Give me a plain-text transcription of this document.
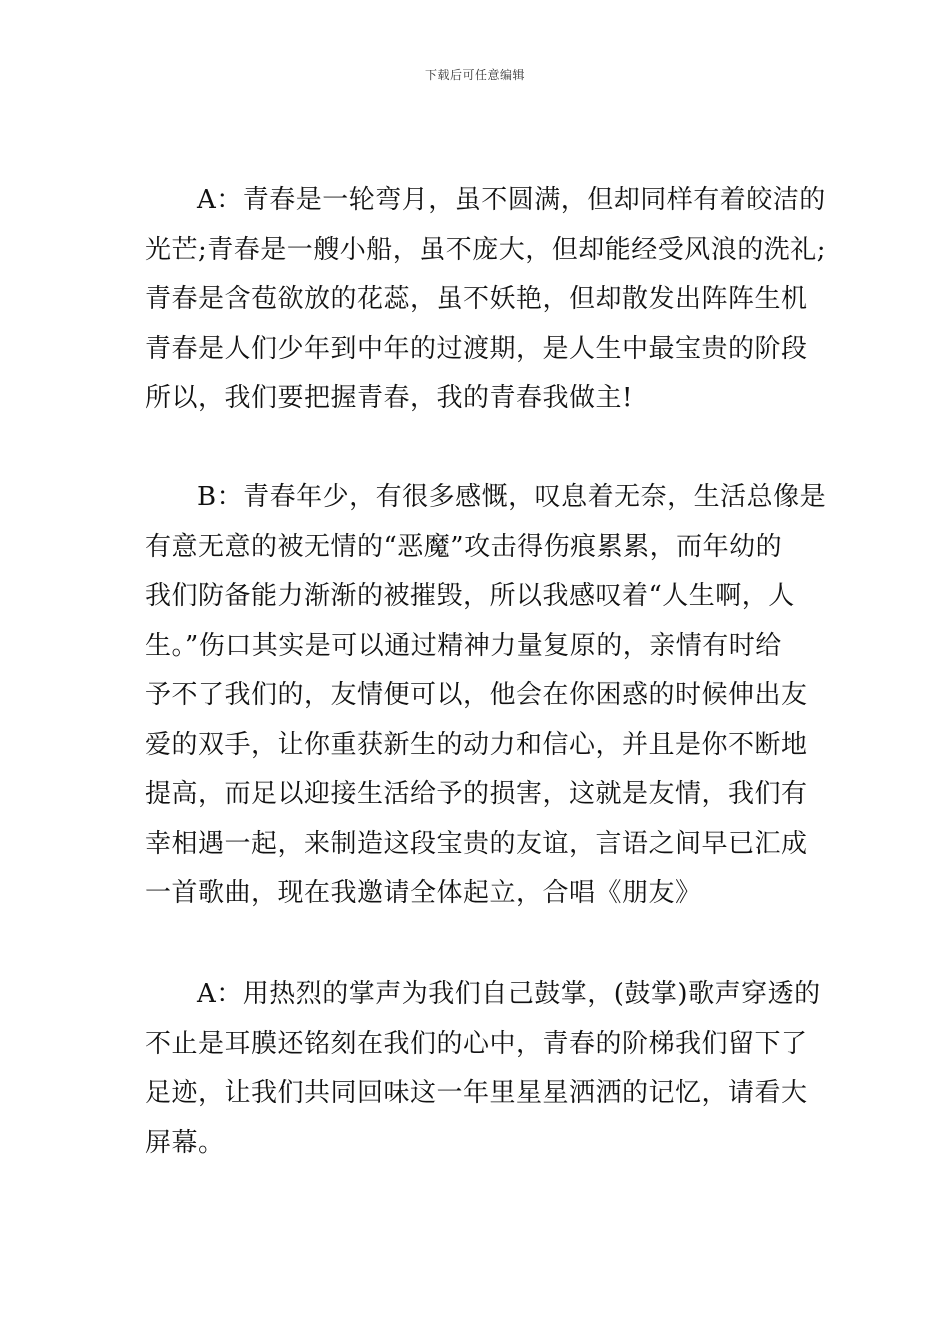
下载后可任意编辑
A：青春是一轮弯月，虽不圆满，但却同样有着皎洁的
光芒;青春是一艘小船，虽不庞大，但却能经受风浪的洗礼;
青春是含苞欲放的花蕊，虽不妖艳，但却散发出阵阵生机
青春是人们少年到中年的过渡期，是人生中最宝贵的阶段
所以，我们要把握青春，我的青春我做主!
B：青春年少，有很多感慨，叹息着无奈，生活总像是
有意无意的被无情的“恶魔”攻击得伤痕累累，而年幼的
我们防备能力渐渐的被摧毁，所以我感叹着“人生啊，人
生。”伤口其实是可以通过精神力量复原的，亲情有时给
予不了我们的，友情便可以，他会在你困惑的时候伸出友
爱的双手，让你重获新生的动力和信心，并且是你不断地
提高，而足以迎接生活给予的损害，这就是友情，我们有
幸相遇一起，来制造这段宝贵的友谊，言语之间早已汇成
一首歌曲，现在我邀请全体起立，合唱《朋友》
A：用热烈的掌声为我们自己鼓掌，(鼓掌)歌声穿透的
不止是耳膜还铭刻在我们的心中，青春的阶梯我们留下了
足迹，让我们共同回味这一年里星星洒洒的记忆，请看大
屏幕。
